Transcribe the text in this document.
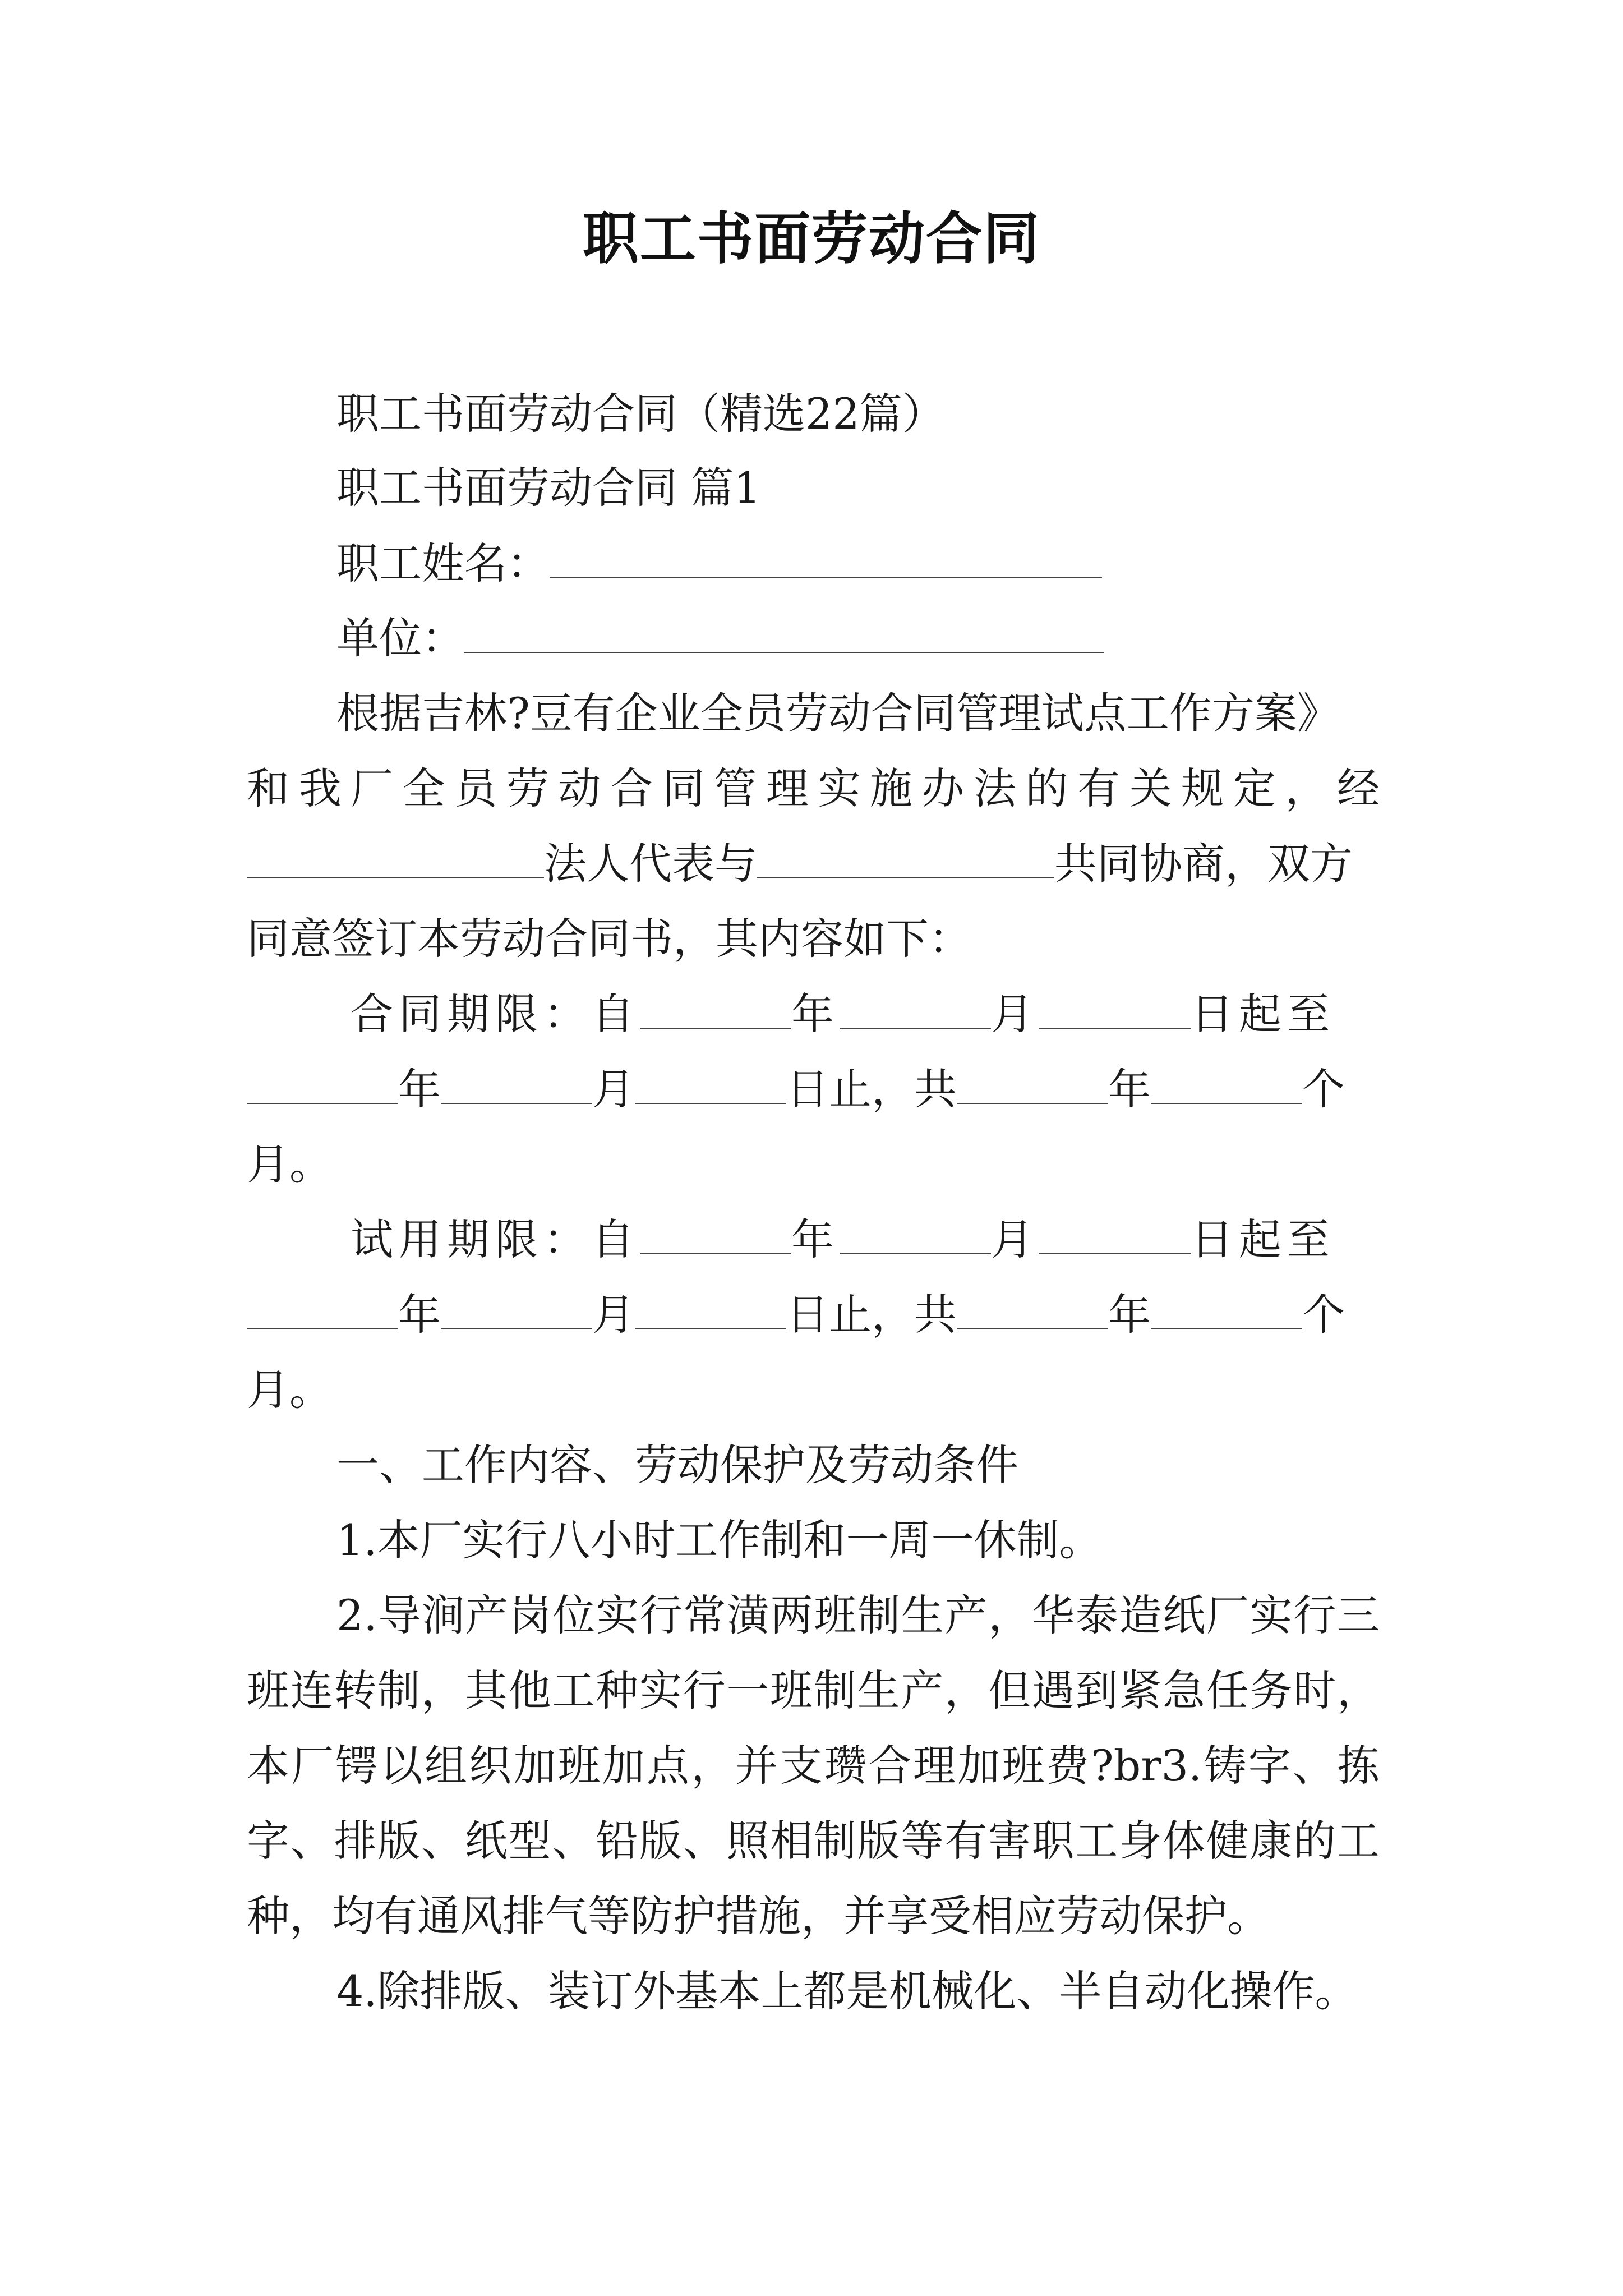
职工书面劳动合同
职工书面劳动合同（精选22篇）
职工书面劳动合同 篇1
职工姓名：
单位：
根据吉林?豆有企业全员劳动合同管理试点工作方案》
和我厂全员劳动合同管理实施办法的有关规定，经
法人代表与	共同协商，双方
同意签订本劳动合同书，其内容如下：
合同期限：自	年	月	日起至
年	月	日止，共	年	个
月。
试用期限：自	年	月	日起至
年	月	日止，共	年	个
月。
一、工作内容、劳动保护及劳动条件
1.本厂实行八小时工作制和一周一休制。
2.导涧产岗位实行常潢两班制生产，华泰造纸厂实行三
班连转制，其他工种实行一班制生产，但遇到紧急任务时，
本厂锷以组织加班加点，并支瓒合理加班费?br3.铸字、拣
字、排版、纸型、铅版、照相制版等有害职工身体健康的工
种，均有通风排气等防护措施，并享受相应劳动保护。
4.除排版、装订外基本上都是机械化、半自动化操作。
